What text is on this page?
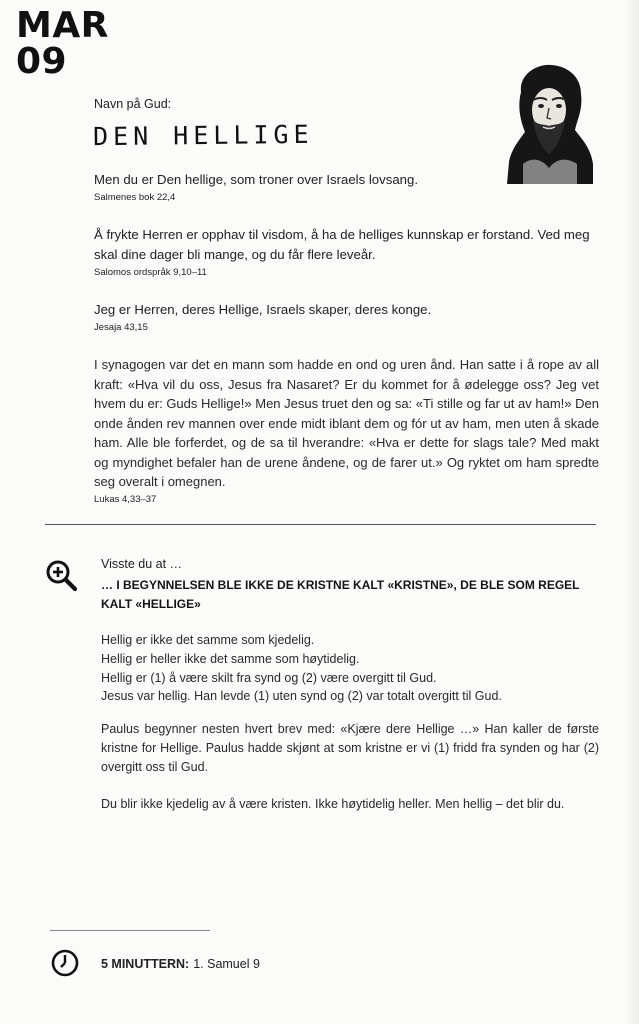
MAR
09
Navn på Gud:
DEN HELLIGE
Men du er Den hellige, som troner over Israels lovsang.
Salmenes bok 22,4
Å frykte Herren er opphav til visdom, å ha de helliges kunnskap er forstand. Ved meg skal dine dager bli mange, og du får flere leveår.
Salomos ordspråk 9,10–11
Jeg er Herren, deres Hellige, Israels skaper, deres konge.
Jesaja 43,15
I synagogen var det en mann som hadde en ond og uren ånd. Han satte i å rope av all kraft: «Hva vil du oss, Jesus fra Nasaret? Er du kommet for å ødelegge oss? Jeg vet hvem du er: Guds Hellige!» Men Jesus truet den og sa: «Ti stille og far ut av ham!» Den onde ånden rev mannen over ende midt iblant dem og fór ut av ham, men uten å skade ham. Alle ble forferdet, og de sa til hverandre: «Hva er dette for slags tale? Med makt og myndighet befaler han de urene åndene, og de farer ut.» Og ryktet om ham spredte seg overalt i omegnen.
Lukas 4,33–37
Visste du at …
… I BEGYNNELSEN BLE IKKE DE KRISTNE KALT «KRISTNE», DE BLE SOM REGEL KALT «HELLIGE»
Hellig er ikke det samme som kjedelig.
Hellig er heller ikke det samme som høytidelig.
Hellig er (1) å være skilt fra synd og (2) være overgitt til Gud.
Jesus var hellig. Han levde (1) uten synd og (2) var totalt overgitt til Gud.
Paulus begynner nesten hvert brev med: «Kjære dere Hellige …» Han kaller de første kristne for Hellige. Paulus hadde skjønt at som kristne er vi (1) fridd fra synden og har (2) overgitt oss til Gud.
Du blir ikke kjedelig av å være kristen. Ikke høytidelig heller. Men hellig – det blir du.
5 MINUTTERN: 1. Samuel 9
